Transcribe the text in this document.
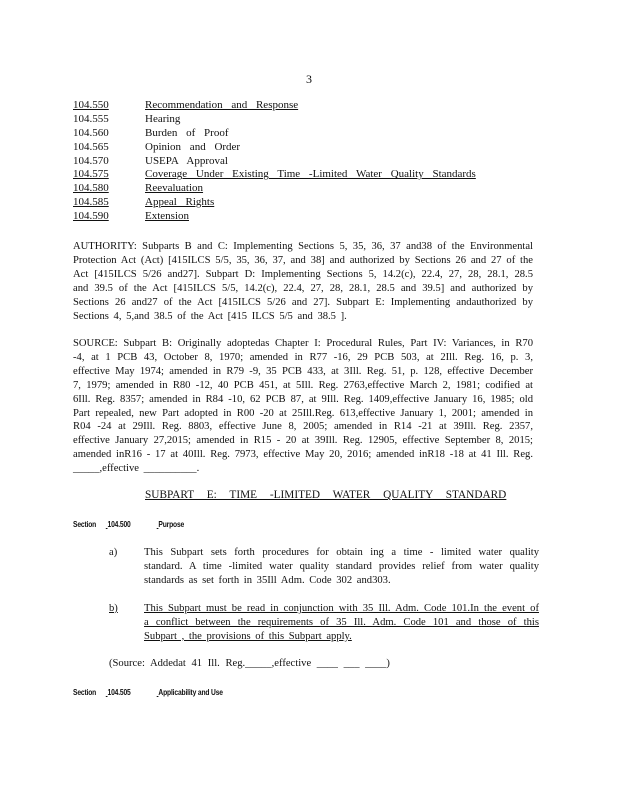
3
104.550	Recommendation and Response
104.555	Hearing
104.560	Burden of Proof
104.565	Opinion and Order
104.570	USEPA Approval
104.575	Coverage Under Existing Time -Limited Water Quality Standards
104.580	Reevaluation
104.585	Appeal Rights
104.590	Extension
AUTHORITY: Subparts B and C: Implementing Sections 5, 35, 36, 37 and38 of the Environmental Protection Act (Act) [415ILCS 5/5, 35, 36, 37, and 38] and authorized by Sections 26 and 27 of the Act [415ILCS 5/26 and27]. Subpart D: Implementing Sections 5, 14.2(c), 22.4, 27, 28, 28.1, 28.5 and 39.5 of the Act [415ILCS 5/5, 14.2(c), 22.4, 27, 28, 28.1, 28.5 and 39.5] and authorized by Sections 26 and27 of the Act [415ILCS 5/26 and 27]. Subpart E: Implementing andauthorized by Sections 4, 5,and 38.5 of the Act [415 ILCS 5/5 and 38.5 ].
SOURCE: Subpart B: Originally adoptedas Chapter I: Procedural Rules, Part IV: Variances, in R70 -4, at 1 PCB 43, October 8, 1970; amended in R77 -16, 29 PCB 503, at 2Ill. Reg. 16, p. 3, effective May 1974; amended in R79 -9, 35 PCB 433, at 3Ill. Reg. 51, p. 128, effective December 7, 1979; amended in R80 -12, 40 PCB 451, at 5Ill. Reg. 2763,effective March 2, 1981; codified at 6Ill. Reg. 8357; amended in R84 -10, 62 PCB 87, at 9Ill. Reg. 1409,effective January 16, 1985; old Part repealed, new Part adopted in R00 -20 at 25Ill.Reg. 613,effective January 1, 2001; amended in R04 -24 at 29Ill. Reg. 8803, effective June 8, 2005; amended in R14 -21 at 39Ill. Reg. 2357, effective January 27,2015; amended in R15 - 20 at 39Ill. Reg. 12905, effective September 8, 2015; amended inR16 - 17 at 40Ill. Reg. 7973, effective May 20, 2016; amended inR18 -18 at 41 Ill. Reg. _____,effective __________.
SUBPART E: TIME -LIMITED WATER QUALITY STANDARD
Section 104.500	Purpose
a)	This Subpart sets forth procedures for obtain ing a time - limited water quality standard. A time -limited water quality standard provides relief from water quality standards as set forth in 35Ill Adm. Code 302 and303.
b) This Subpart must be read in conjunction with 35 Ill. Adm. Code 101.In the event of a conflict between the requirements of 35 Ill. Adm. Code 101 and those of this Subpart , the provisions of this Subpart apply.
(Source: Addedat 41 Ill. Reg._____,effective ____ ___ ____)
Section 104.505	Applicability and Use
